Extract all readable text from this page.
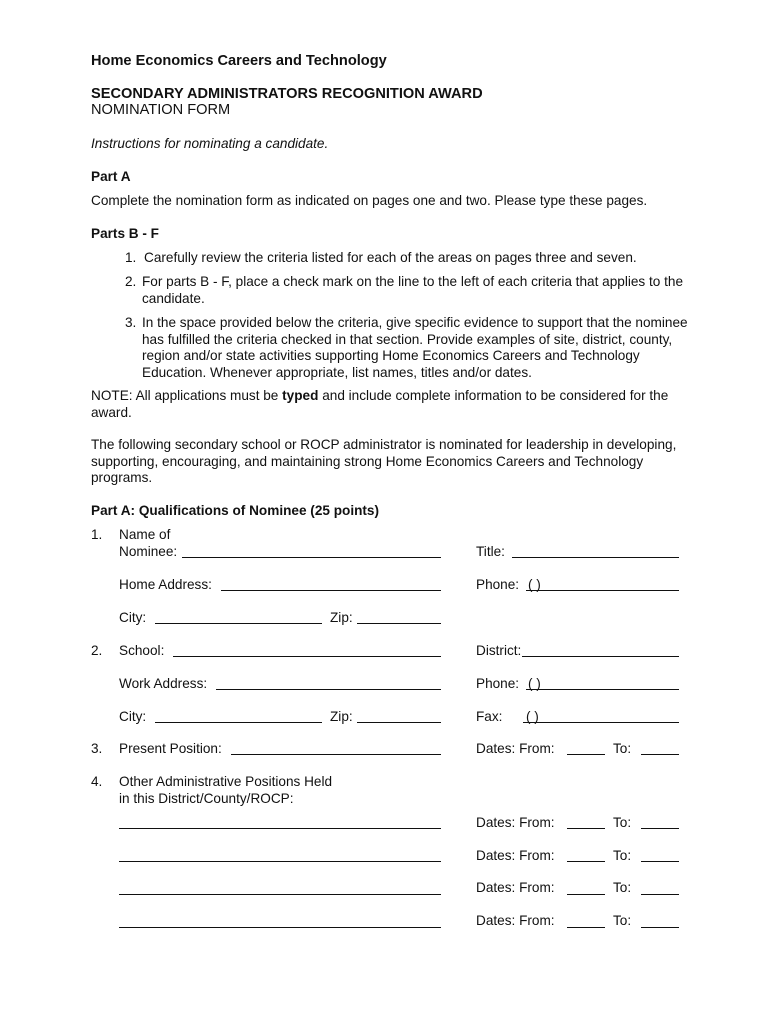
Home Economics Careers and Technology
SECONDARY ADMINISTRATORS RECOGNITION AWARD
NOMINATION FORM
Instructions for nominating a candidate.
Part A
Complete the nomination form as indicated on pages one and two. Please type these pages.
Parts B - F
1. Carefully review the criteria listed for each of the areas on pages three and seven.
2. For parts B - F, place a check mark on the line to the left of each criteria that applies to the candidate.
3. In the space provided below the criteria, give specific evidence to support that the nominee has fulfilled the criteria checked in that section. Provide examples of site, district, county, region and/or state activities supporting Home Economics Careers and Technology Education. Whenever appropriate, list names, titles and/or dates.
NOTE: All applications must be typed and include complete information to be considered for the award.
The following secondary school or ROCP administrator is nominated for leadership in developing, supporting, encouraging, and maintaining strong Home Economics Careers and Technology programs.
Part A: Qualifications of Nominee (25 points)
1. Name of
Nominee:	Title:
Home Address:	Phone: ( )
City:	Zip:
2. School:	District:
Work Address:	Phone: ( )
City:	Zip:	Fax: ( )
3. Present Position:	Dates: From:	To:
4. Other Administrative Positions Held
in this District/County/ROCP:
Dates: From:	To:
Dates: From:	To:
Dates: From:	To:
Dates: From:	To:
